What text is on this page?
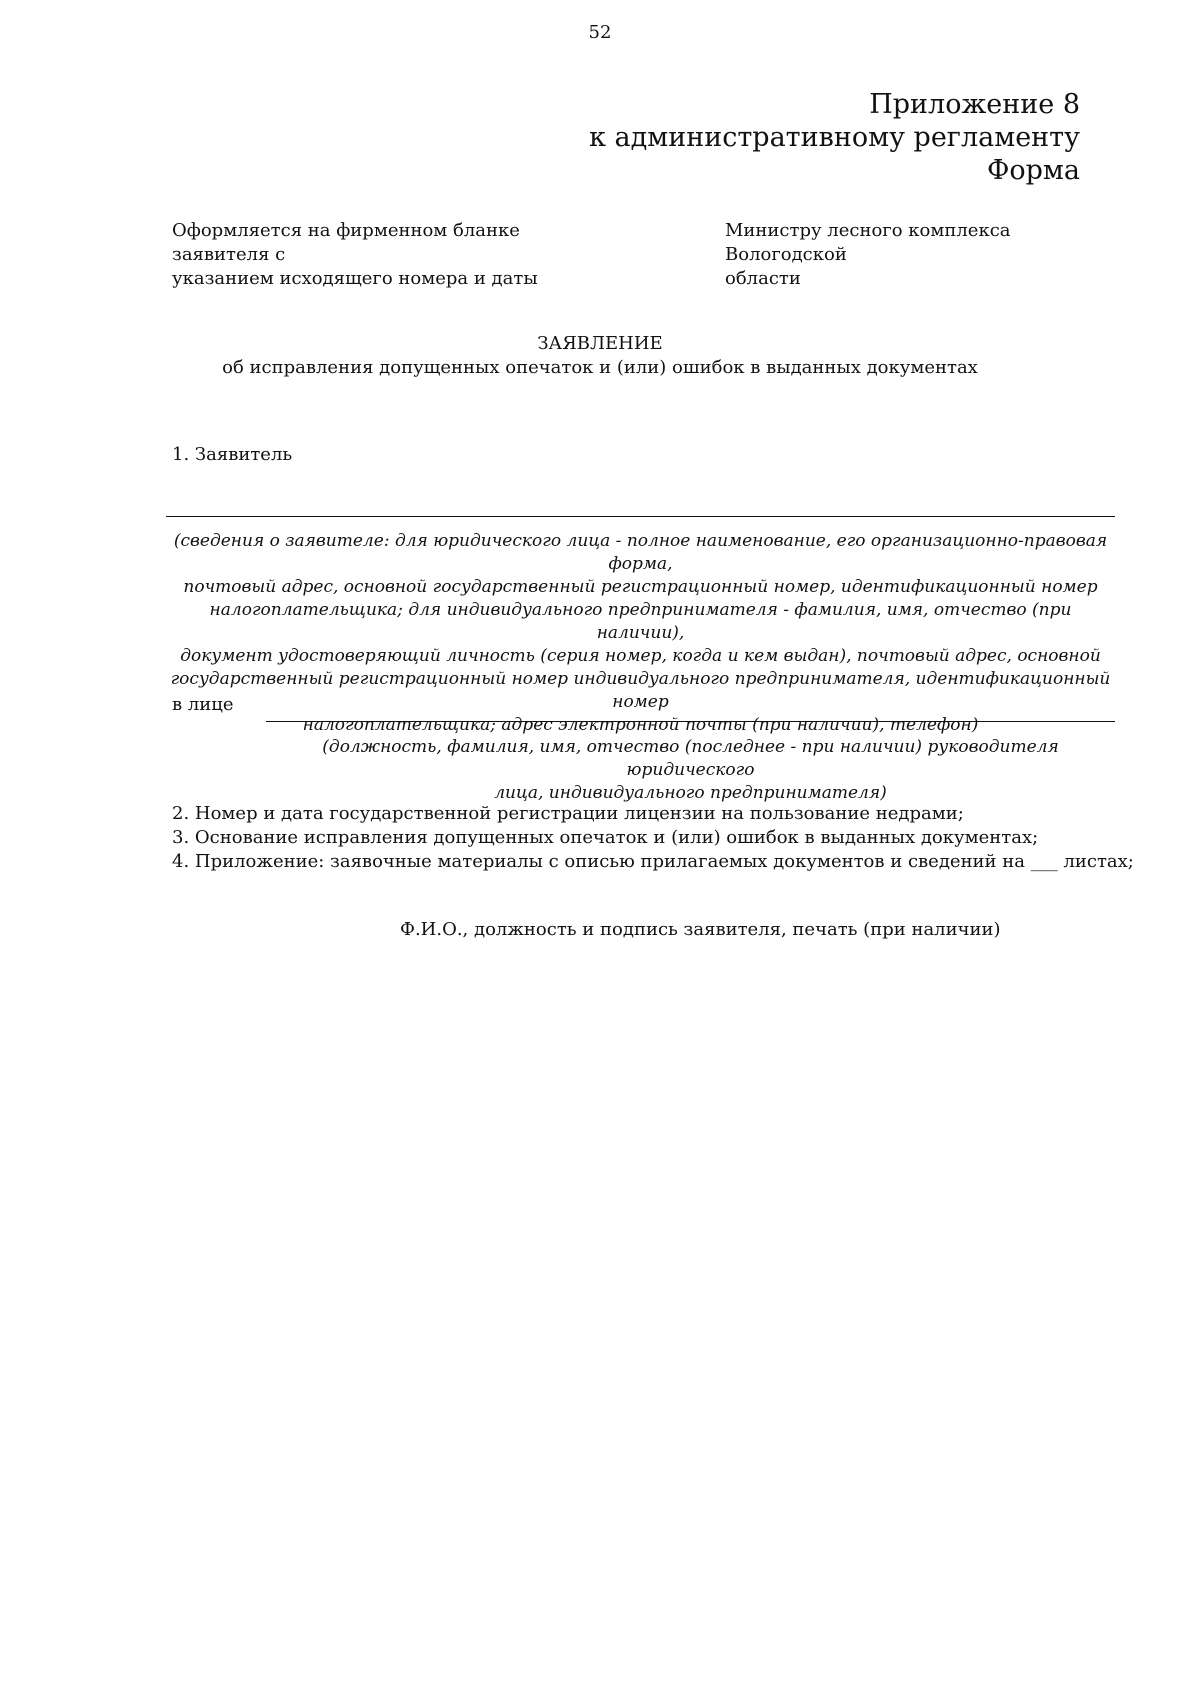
52
Приложение 8
к административному регламенту
Форма
Оформляется на фирменном бланке заявителя с
указанием исходящего номера и даты
Министру лесного комплекса Вологодской
области
ЗАЯВЛЕНИЕ
об исправления допущенных опечаток и (или) ошибок в выданных документах
1. Заявитель
(сведения о заявителе: для юридического лица - полное наименование, его организационно-правовая форма,
почтовый адрес, основной государственный регистрационный номер, идентификационный номер
налогоплательщика; для индивидуального предпринимателя - фамилия, имя, отчество (при наличии),
документ удостоверяющий личность (серия номер, когда и кем выдан), почтовый адрес, основной
государственный регистрационный номер индивидуального предпринимателя, идентификационный номер
налогоплательщика; адрес электронной почты (при наличии), телефон)
в лице
(должность, фамилия, имя, отчество (последнее - при наличии) руководителя юридического
лица, индивидуального предпринимателя)
2. Номер и дата государственной регистрации лицензии на пользование недрами;
3. Основание исправления допущенных опечаток и (или) ошибок в выданных документах;
4. Приложение: заявочные материалы с описью прилагаемых документов и сведений на ___ листах;
Ф.И.О., должность и подпись заявителя, печать (при наличии)
